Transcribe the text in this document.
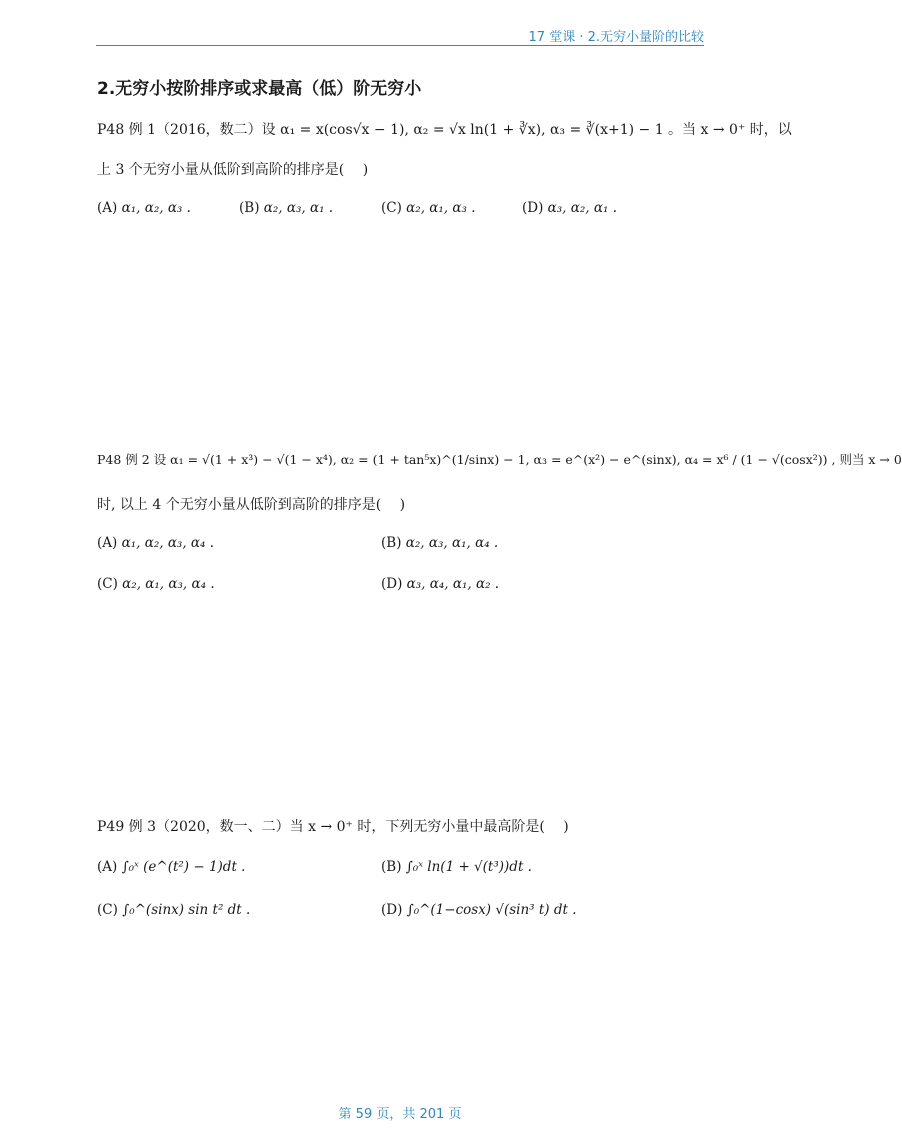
17 堂课 · 2.无穷小量阶的比较
2.无穷小按阶排序或求最高（低）阶无穷小
P48 例 1（2016，数二）设 α₁ = x(cos√x − 1), α₂ = √x ln(1 + ∛x), α₃ = ∛(x+1) − 1 。当 x → 0⁺ 时，以
上 3 个无穷小量从低阶到高阶的排序是(　 )
(A) α₁, α₂, α₃ .	(B) α₂, α₃, α₁ .	(C) α₂, α₁, α₃ .	(D) α₃, α₂, α₁ .
P48 例 2 设 α₁ = √(1 + x³) − √(1 − x⁴), α₂ = (1 + tan⁵x)^(1/sinx) − 1, α₃ = e^(x²) − e^(sinx), α₄ = x⁶ / (1 − √(cosx²)) , 则当 x → 0
时, 以上 4 个无穷小量从低阶到高阶的排序是(　 )
(A) α₁, α₂, α₃, α₄ .	(B) α₂, α₃, α₁, α₄ .
(C) α₂, α₁, α₃, α₄ .	(D) α₃, α₄, α₁, α₂ .
P49 例 3（2020，数一、二）当 x → 0⁺ 时，下列无穷小量中最高阶是(　 )
(A) ∫₀ˣ (e^(t²) − 1)dt .	(B) ∫₀ˣ ln(1 + √(t³))dt .
(C) ∫₀^(sinx) sin t² dt .	(D) ∫₀^(1−cosx) √(sin³ t) dt .
第 59 页，共 201 页
